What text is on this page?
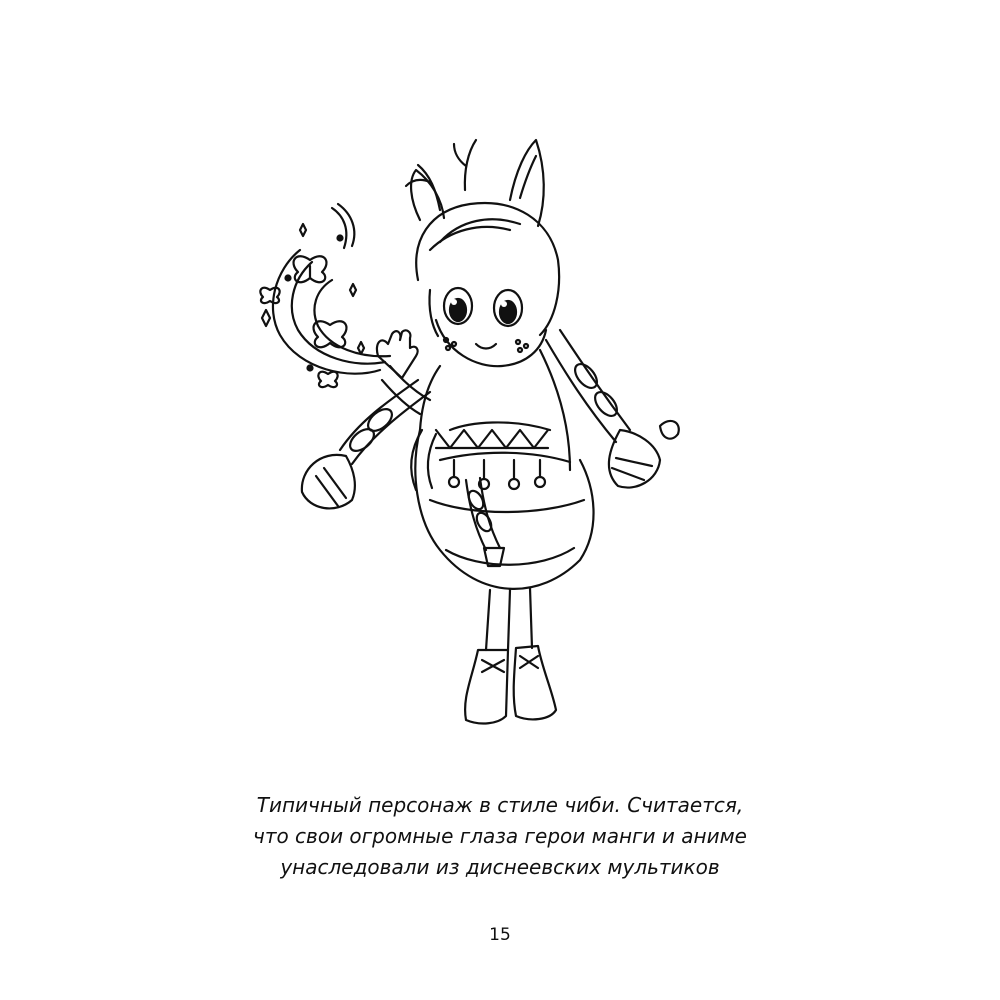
Типичный персонаж в стиле чиби. Считается,
что свои огромные глаза герои манги и аниме
унаследовали из диснеевских мультиков
15
